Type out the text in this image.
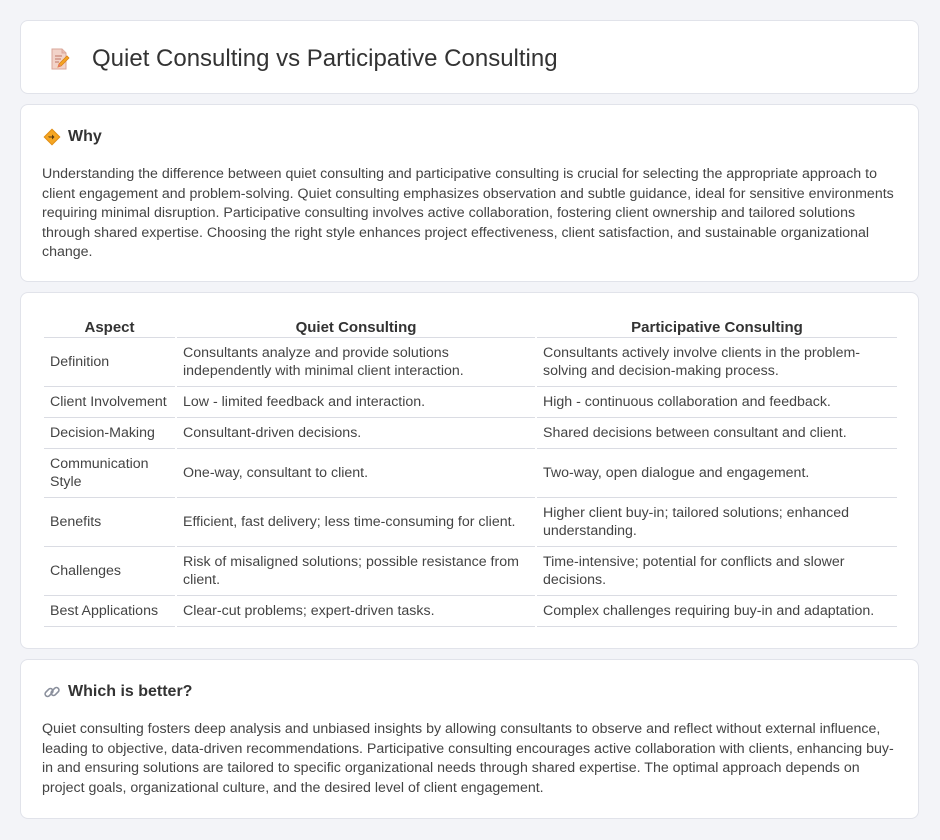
Quiet Consulting vs Participative Consulting
Why

Understanding the difference between quiet consulting and participative consulting is crucial for selecting the appropriate approach to client engagement and problem-solving. Quiet consulting emphasizes observation and subtle guidance, ideal for sensitive environments requiring minimal disruption. Participative consulting involves active collaboration, fostering client ownership and tailored solutions through shared expertise. Choosing the right style enhances project effectiveness, client satisfaction, and sustainable organizational change.

Aspect	Quiet Consulting	Participative Consulting
Definition	Consultants analyze and provide solutions independently with minimal client interaction.	Consultants actively involve clients in the problem-solving and decision-making process.
Client Involvement	Low - limited feedback and interaction.	High - continuous collaboration and feedback.
Decision-Making	Consultant-driven decisions.	Shared decisions between consultant and client.
Communication Style	One-way, consultant to client.	Two-way, open dialogue and engagement.
Benefits	Efficient, fast delivery; less time-consuming for client.	Higher client buy-in; tailored solutions; enhanced understanding.
Challenges	Risk of misaligned solutions; possible resistance from client.	Time-intensive; potential for conflicts and slower decisions.
Best Applications	Clear-cut problems; expert-driven tasks.	Complex challenges requiring buy-in and adaptation.
Which is better?

Quiet consulting fosters deep analysis and unbiased insights by allowing consultants to observe and reflect without external influence, leading to objective, data-driven recommendations. Participative consulting encourages active collaboration with clients, enhancing buy-in and ensuring solutions are tailored to specific organizational needs through shared expertise. The optimal approach depends on project goals, organizational culture, and the desired level of client engagement.
